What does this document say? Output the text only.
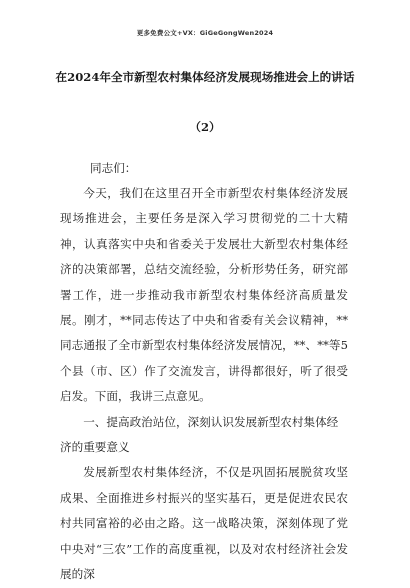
更多免费公文+VX：GiGeGongWen2024
在2024年全市新型农村集体经济发展现场推进会上的讲话
（2）

同志们：

今天，我们在这里召开全市新型农村集体经济发展现场推进会，主要任务是深入学习贯彻党的二十大精神，认真落实中央和省委关于发展壮大新型农村集体经济的决策部署，总结交流经验，分析形势任务，研究部署工作，进一步推动我市新型农村集体经济高质量发展。刚才，**同志传达了中央和省委有关会议精神，**同志通报了全市新型农村集体经济发展情况，**、**等5个县（市、区）作了交流发言，讲得都很好，听了很受启发。下面，我讲三点意见。

一、提高政治站位，深刻认识发展新型农村集体经济的重要意义

发展新型农村集体经济，不仅是巩固拓展脱贫攻坚成果、全面推进乡村振兴的坚实基石，更是促进农民农村共同富裕的必由之路。这一战略决策，深刻体现了党中央对“三农”工作的高度重视，以及对农村经济社会发展的深
